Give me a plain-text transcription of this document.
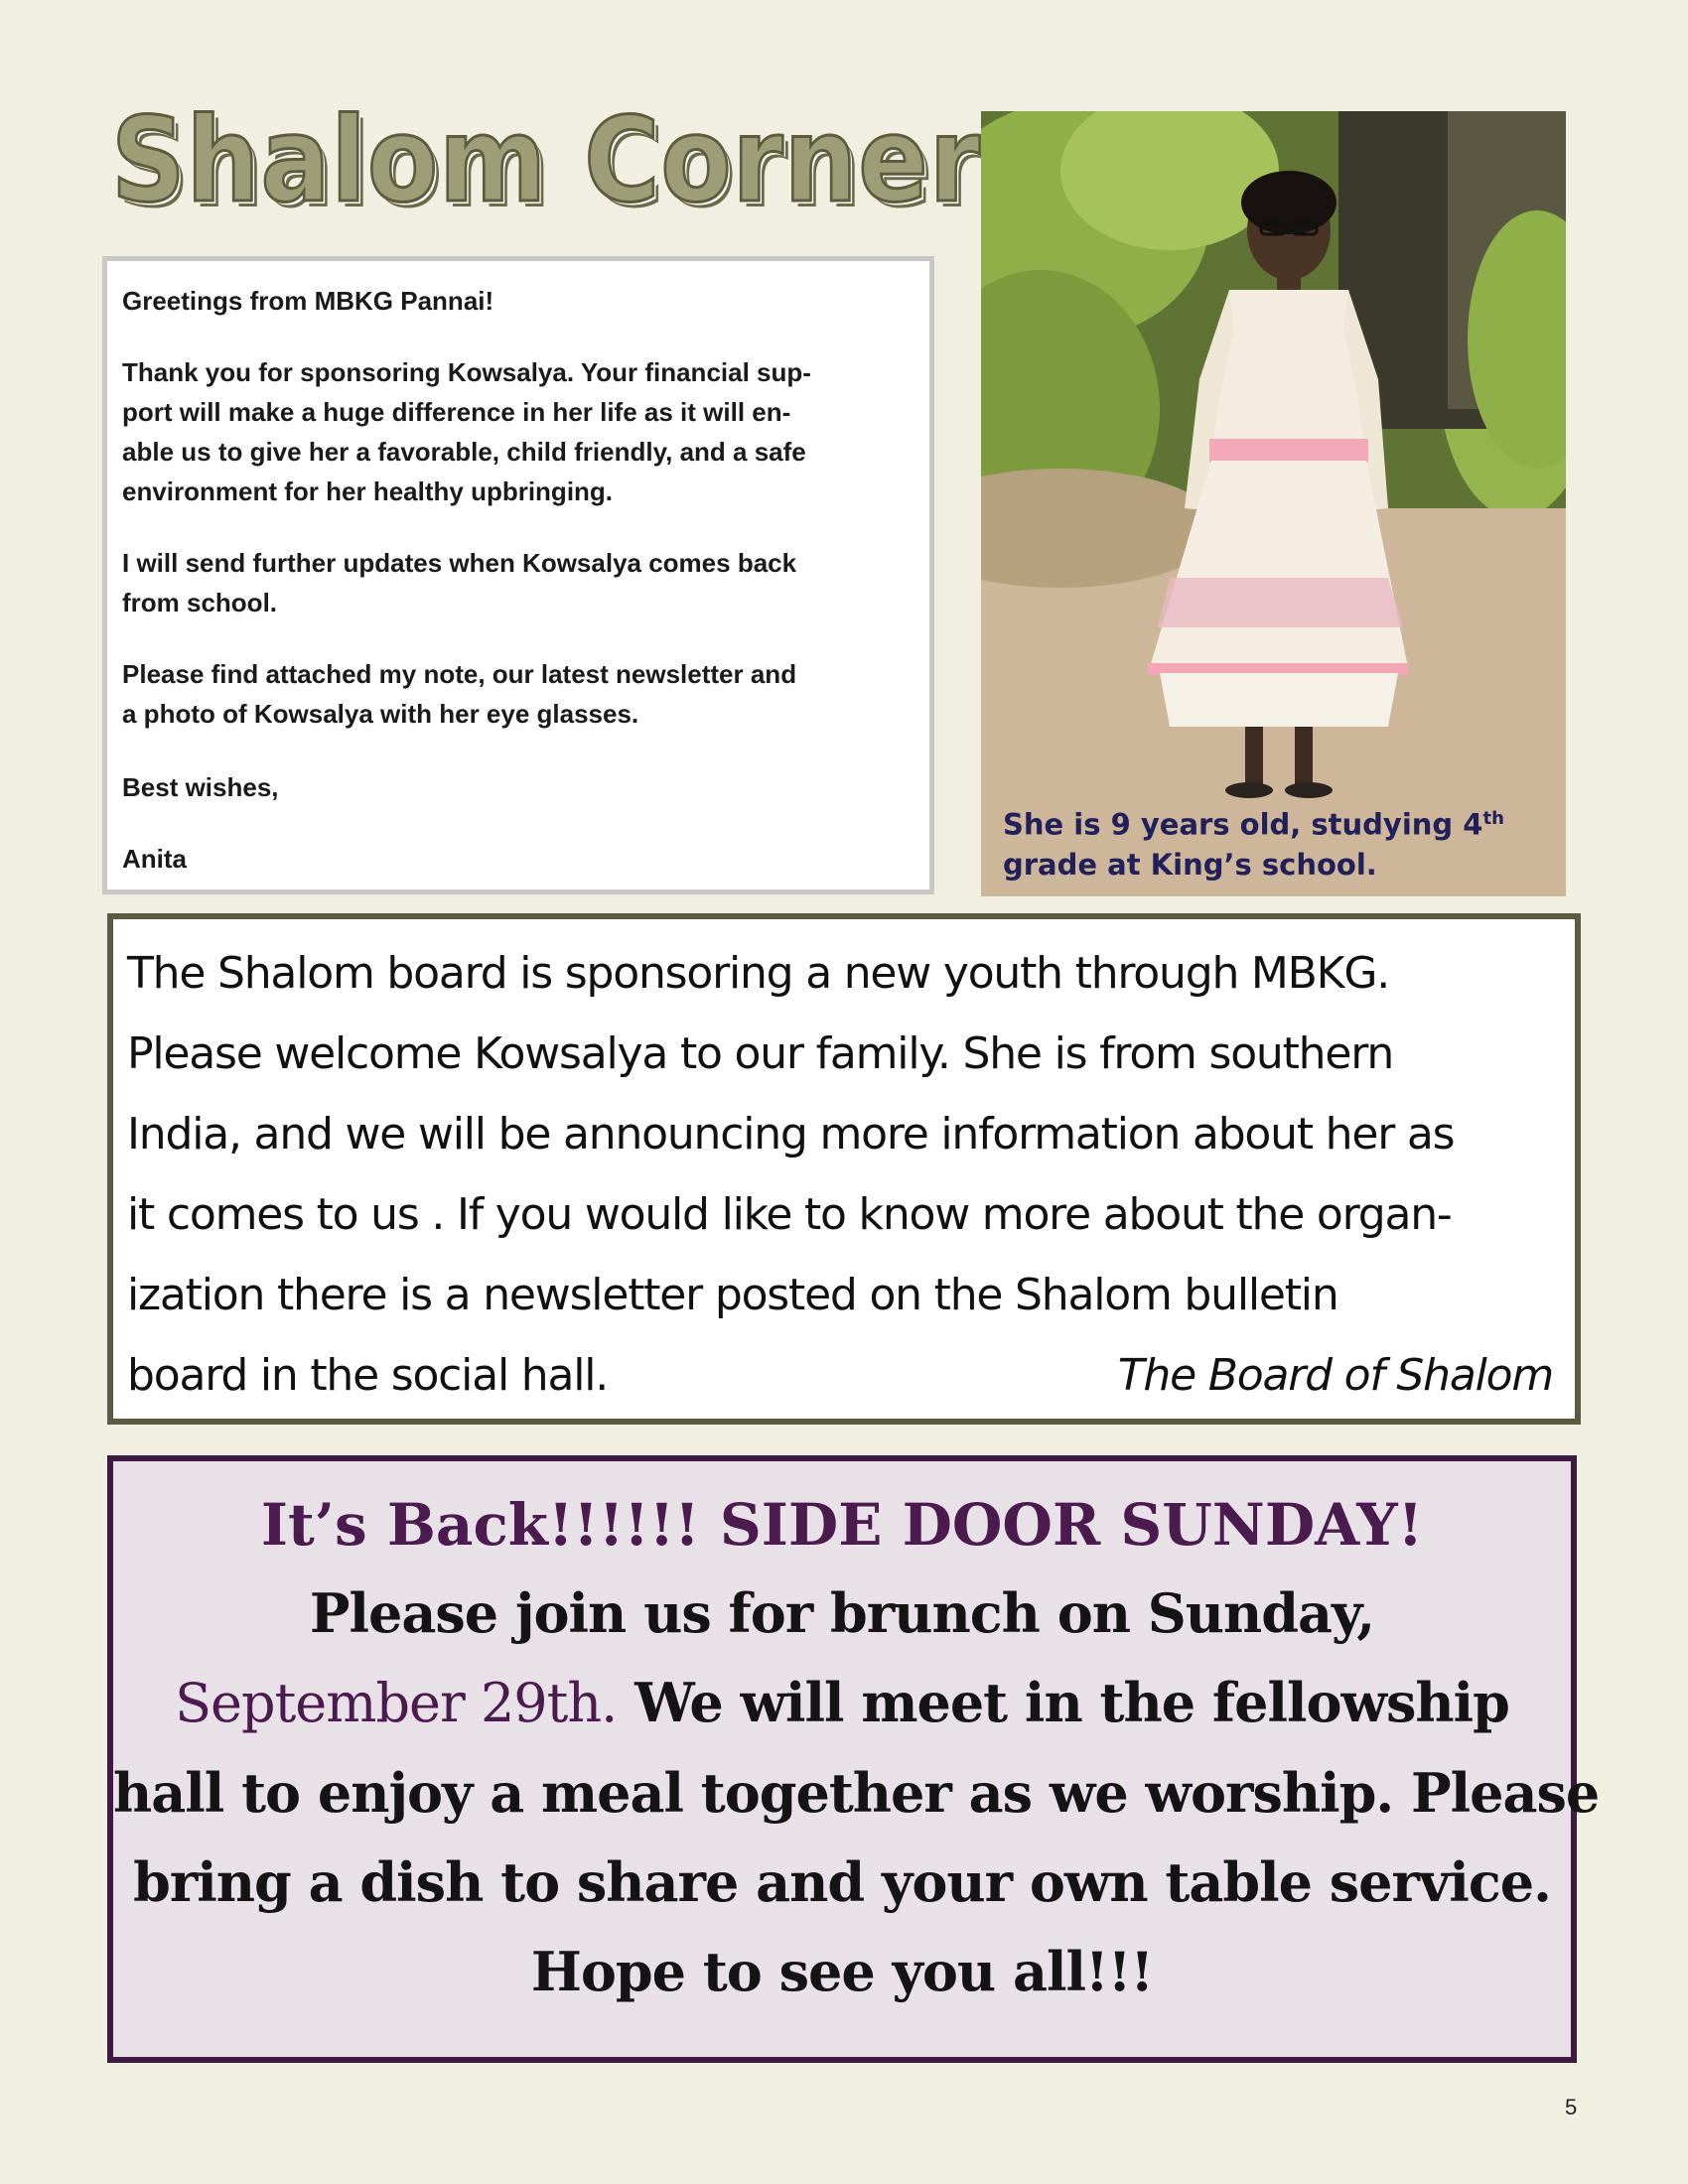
Shalom Corner

Greetings from MBKG Pannai!

Thank you for sponsoring Kowsalya. Your financial sup-
port will make a huge difference in her life as it will en-
able us to give her a favorable, child friendly, and a safe
environment for her healthy upbringing.

I will send further updates when Kowsalya comes back
from school.

Please find attached my note, our latest newsletter and
a photo of Kowsalya with her eye glasses.

Best wishes,

Anita

She is 9 years old, studying 4th
grade at King’s school.
The Shalom board is sponsoring a new youth through MBKG.
Please welcome Kowsalya to our family. She is from southern
India, and we will be announcing more information about her as
it comes to us . If you would like to know more about the organ-
ization there is a newsletter posted on the Shalom bulletin
board in the social hall.	The Board of Shalom
It’s Back!!!!!! SIDE DOOR SUNDAY!
Please join us for brunch on Sunday,
September 29th. We will meet in the fellowship
hall to enjoy a meal together as we worship. Please
bring a dish to share and your own table service.
Hope to see you all!!!
5
